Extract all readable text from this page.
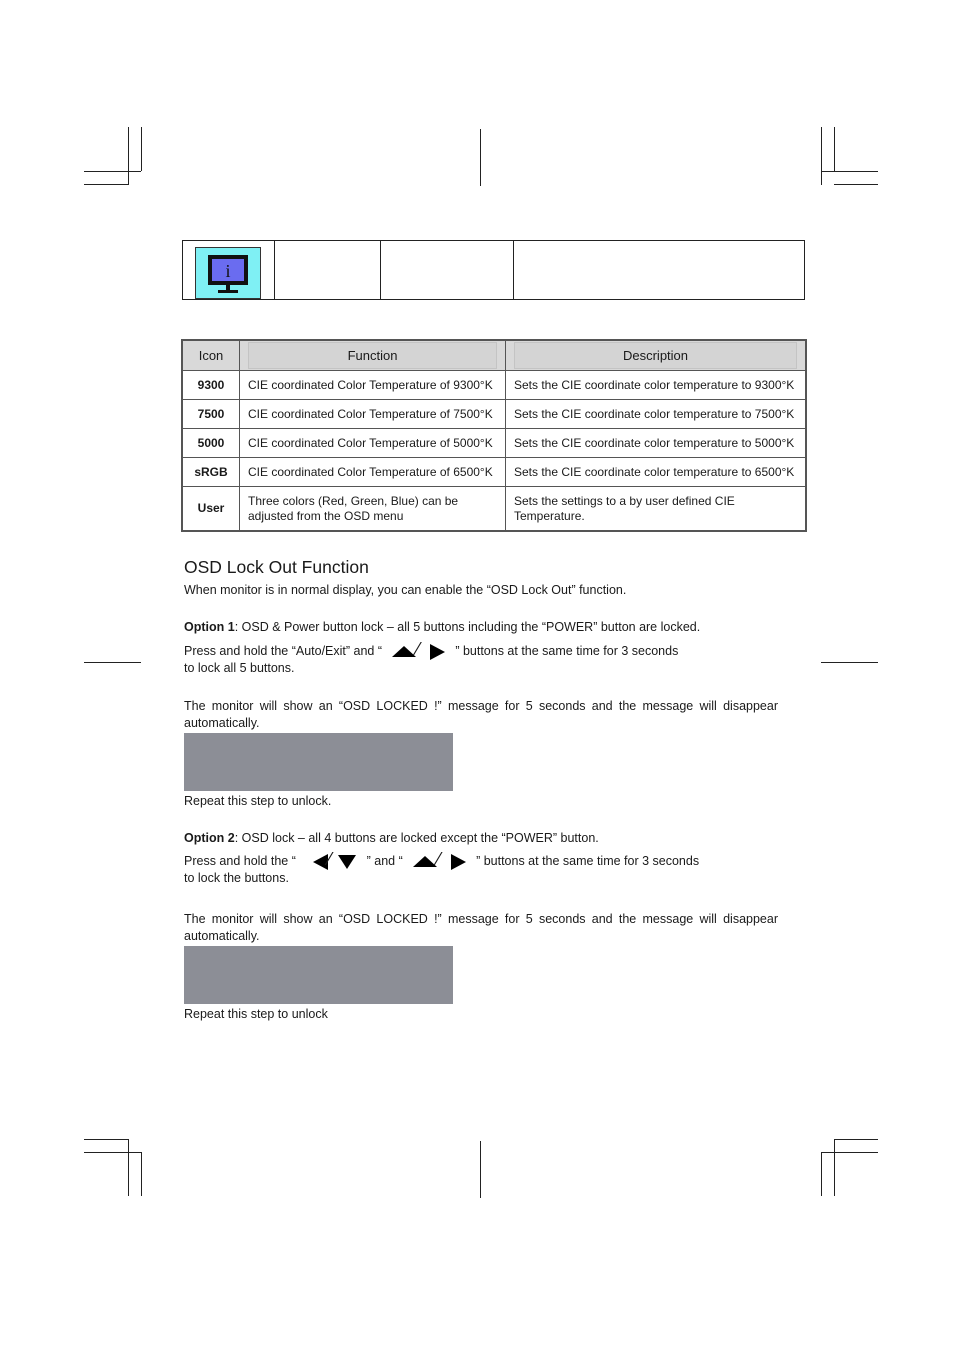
i
Icon	Function	Description

9300	CIE coordinated Color Temperature of 9300°K	Sets the CIE coordinate color temperature to 9300°K
7500	CIE coordinated Color Temperature of 7500°K	Sets the CIE coordinate color temperature to 7500°K
5000	CIE coordinated Color Temperature of 5000°K	Sets the CIE coordinate color temperature to 5000°K
sRGB	CIE coordinated Color Temperature of 6500°K	Sets the CIE coordinate color temperature to 6500°K
User	Three colors (Red, Green, Blue) can be adjusted from the OSD menu	Sets the settings to a by user defined CIE Temperature.
OSD Lock Out Function
When monitor is in normal display, you can enable the “OSD Lock Out” function.
Option 1: OSD & Power button lock – all 5 buttons including the “POWER” button are locked.
Press and hold the “Auto/Exit” and “ ⁄	” buttons at the same time for 3 seconds
to lock all 5 buttons.
The monitor will show an “OSD LOCKED !” message for 5 seconds and the message will disappear automatically.
Repeat this step to unlock.
Option 2: OSD lock – all 4 buttons are locked except the “POWER” button.
Press and hold the “ ⁄	” and “ ⁄	” buttons at the same time for 3 seconds
to lock the buttons.
The monitor will show an “OSD LOCKED !” message for 5 seconds and the message will disappear automatically.
Repeat this step to unlock
